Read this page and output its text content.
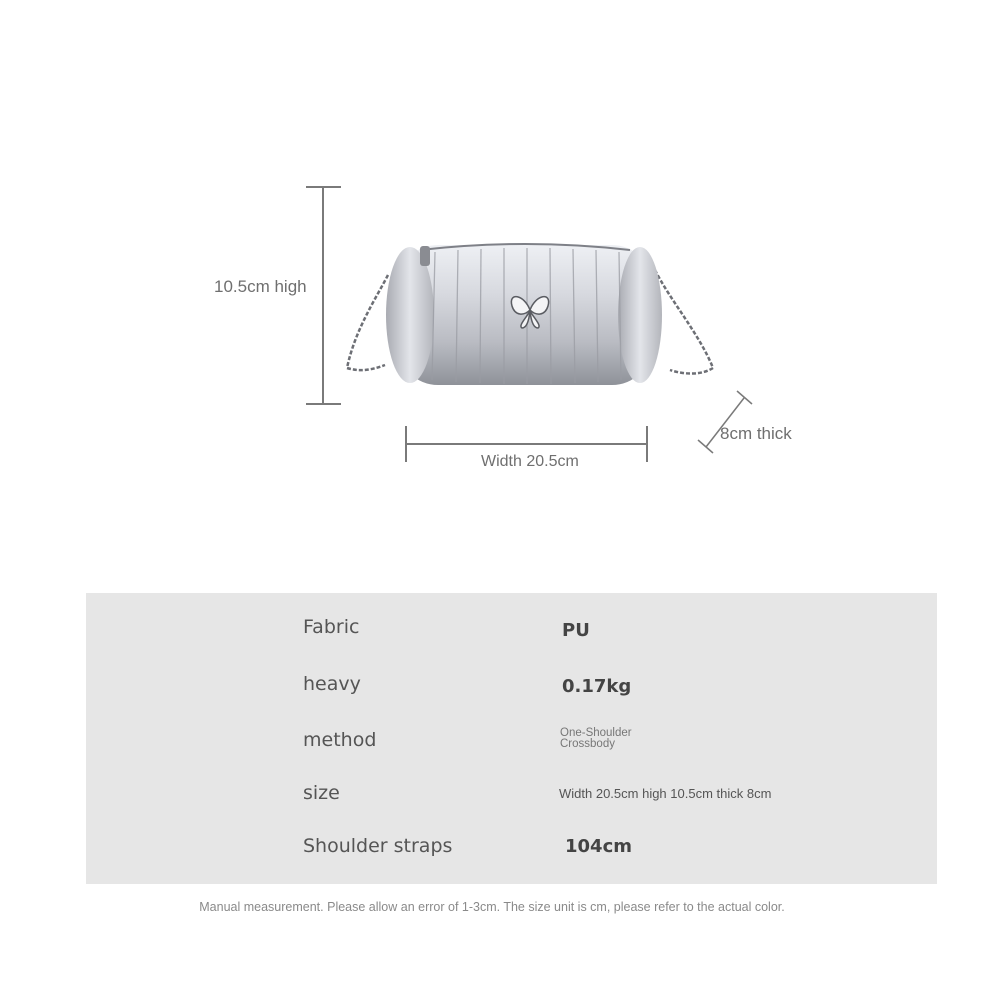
10.5cm high
Width 20.5cm
8cm thick
Fabric	PU
heavy	0.17kg
method	One-Shoulder
Crossbody
size	Width 20.5cm high 10.5cm thick 8cm
Shoulder straps	104cm
Manual measurement. Please allow an error of 1-3cm. The size unit is cm, please refer to the actual color.
